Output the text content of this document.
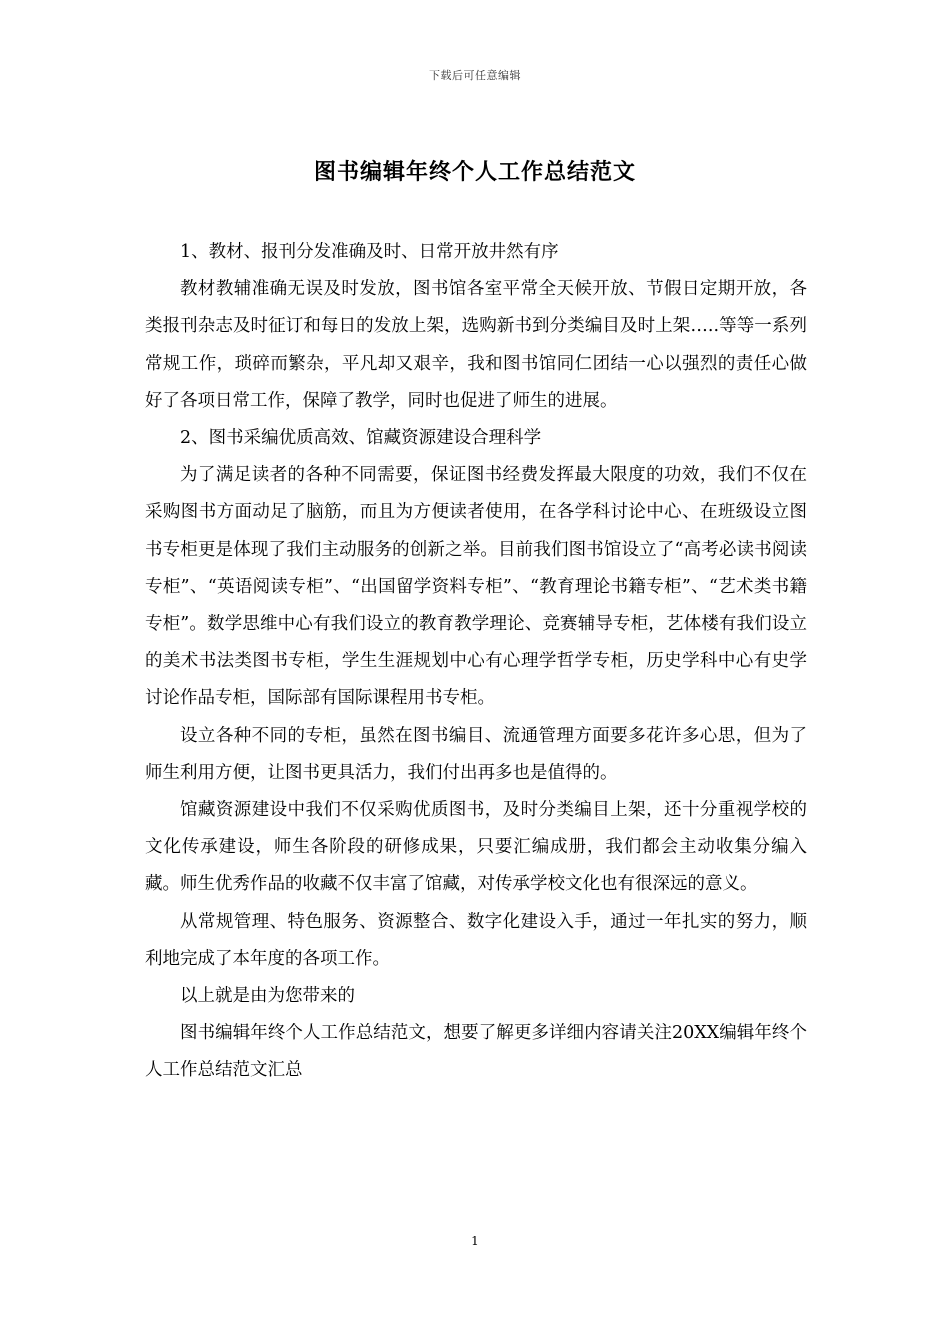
下载后可任意编辑
图书编辑年终个人工作总结范文

1、教材、报刊分发准确及时、日常开放井然有序

教材教辅准确无误及时发放，图书馆各室平常全天候开放、节假日定期开放，各类报刊杂志及时征订和每日的发放上架，选购新书到分类编目及时上架…..等等一系列常规工作，琐碎而繁杂，平凡却又艰辛，我和图书馆同仁团结一心以强烈的责任心做好了各项日常工作，保障了教学，同时也促进了师生的进展。

2、图书采编优质高效、馆藏资源建设合理科学

为了满足读者的各种不同需要，保证图书经费发挥最大限度的功效，我们不仅在采购图书方面动足了脑筋，而且为方便读者使用，在各学科讨论中心、在班级设立图书专柜更是体现了我们主动服务的创新之举。目前我们图书馆设立了“高考必读书阅读专柜”、“英语阅读专柜”、“出国留学资料专柜”、“教育理论书籍专柜”、“艺术类书籍专柜”。数学思维中心有我们设立的教育教学理论、竞赛辅导专柜，艺体楼有我们设立的美术书法类图书专柜，学生生涯规划中心有心理学哲学专柜，历史学科中心有史学讨论作品专柜，国际部有国际课程用书专柜。

设立各种不同的专柜，虽然在图书编目、流通管理方面要多花许多心思，但为了师生利用方便，让图书更具活力，我们付出再多也是值得的。

馆藏资源建设中我们不仅采购优质图书，及时分类编目上架，还十分重视学校的文化传承建设，师生各阶段的研修成果，只要汇编成册，我们都会主动收集分编入藏。师生优秀作品的收藏不仅丰富了馆藏，对传承学校文化也有很深远的意义。

从常规管理、特色服务、资源整合、数字化建设入手，通过一年扎实的努力，顺利地完成了本年度的各项工作。

以上就是由为您带来的

图书编辑年终个人工作总结范文，想要了解更多详细内容请关注20XX编辑年终个人工作总结范文汇总

1
